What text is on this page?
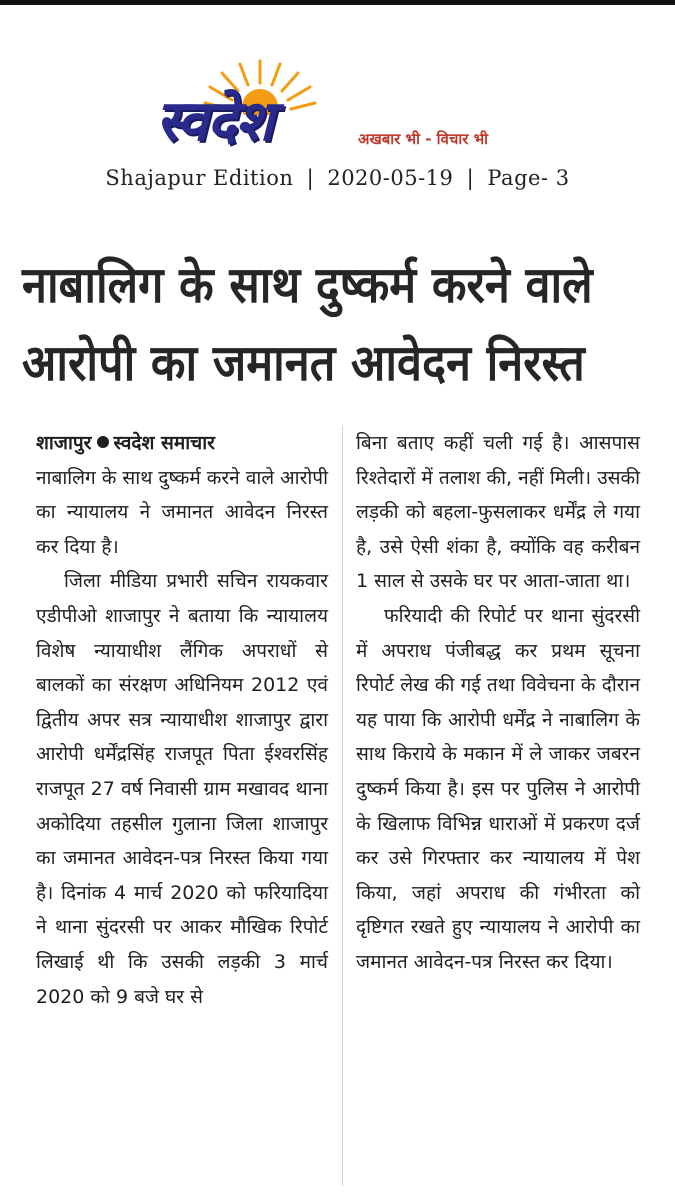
स्वदेश	अखबार भी - विचार भी
Shajapur Edition | 2020-05-19 | Page- 3
नाबालिग के साथ दुष्कर्म करने वाले
आरोपी का जमानत आवेदन निरस्त
शाजापुर स्वदेश समाचार

नाबालिग के साथ दुष्कर्म करने वाले आरोपी का न्यायालय ने जमानत आवेदन निरस्त कर दिया है।

जिला मीडिया प्रभारी सचिन रायकवार एडीपीओ शाजापुर ने बताया कि न्यायालय विशेष न्यायाधीश लैंगिक अपराधों से बालकों का संरक्षण अधिनियम 2012 एवं द्वितीय अपर सत्र न्यायाधीश शाजापुर द्वारा आरोपी धर्मेंद्रसिंह राजपूत पिता ईश्वरसिंह राजपूत 27 वर्ष निवासी ग्राम मखावद थाना अकोदिया तहसील गुलाना जिला शाजापुर का जमानत आवेदन-पत्र निरस्त किया गया है। दिनांक 4 मार्च 2020 को फरियादिया ने थाना सुंदरसी पर आकर मौखिक रिपोर्ट लिखाई थी कि उसकी लड़की 3 मार्च 2020 को 9 बजे घर से

बिना बताए कहीं चली गई है। आसपास रिश्तेदारों में तलाश की, नहीं मिली। उसकी लड़की को बहला-फुसलाकर धर्मेंद्र ले गया है, उसे ऐसी शंका है, क्योंकि वह करीबन 1 साल से उसके घर पर आता-जाता था।

फरियादी की रिपोर्ट पर थाना सुंदरसी में अपराध पंजीबद्ध कर प्रथम सूचना रिपोर्ट लेख की गई तथा विवेचना के दौरान यह पाया कि आरोपी धर्मेंद्र ने नाबालिग के साथ किराये के मकान में ले जाकर जबरन दुष्कर्म किया है। इस पर पुलिस ने आरोपी के खिलाफ विभिन्न धाराओं में प्रकरण दर्ज कर उसे गिरफ्तार कर न्यायालय में पेश किया, जहां अपराध की गंभीरता को दृष्टिगत रखते हुए न्यायालय ने आरोपी का जमानत आवेदन-पत्र निरस्त कर दिया।
